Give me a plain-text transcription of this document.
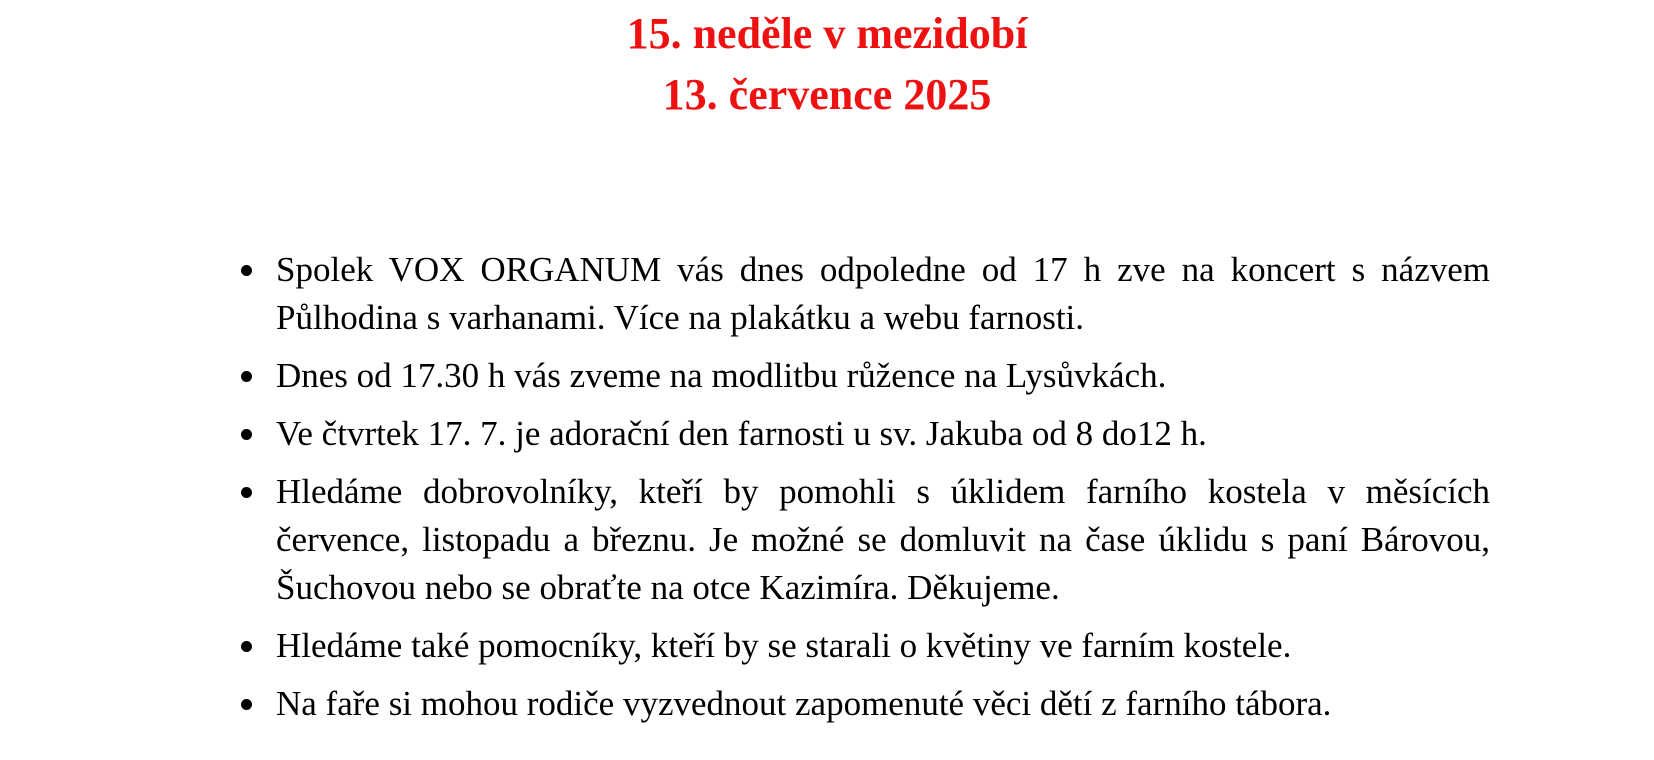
15. neděle v mezidobí
13. července 2025
Spolek VOX ORGANUM vás dnes odpoledne od 17 h zve na koncert s názvem Půlhodina s varhanami. Více na plakátku a webu farnosti.
Dnes od 17.30 h vás zveme na modlitbu růžence na Lysůvkách.
Ve čtvrtek 17. 7. je adorační den farnosti u sv. Jakuba od 8 do12 h.
Hledáme dobrovolníky, kteří by pomohli s úklidem farního kostela v měsících července, listopadu a březnu. Je možné se domluvit na čase úklidu s paní Bárovou, Šuchovou nebo se obraťte na otce Kazimíra. Děkujeme.
Hledáme také pomocníky, kteří by se starali o květiny ve farním kostele.
Na faře si mohou rodiče vyzvednout zapomenuté věci dětí z farního tábora.
